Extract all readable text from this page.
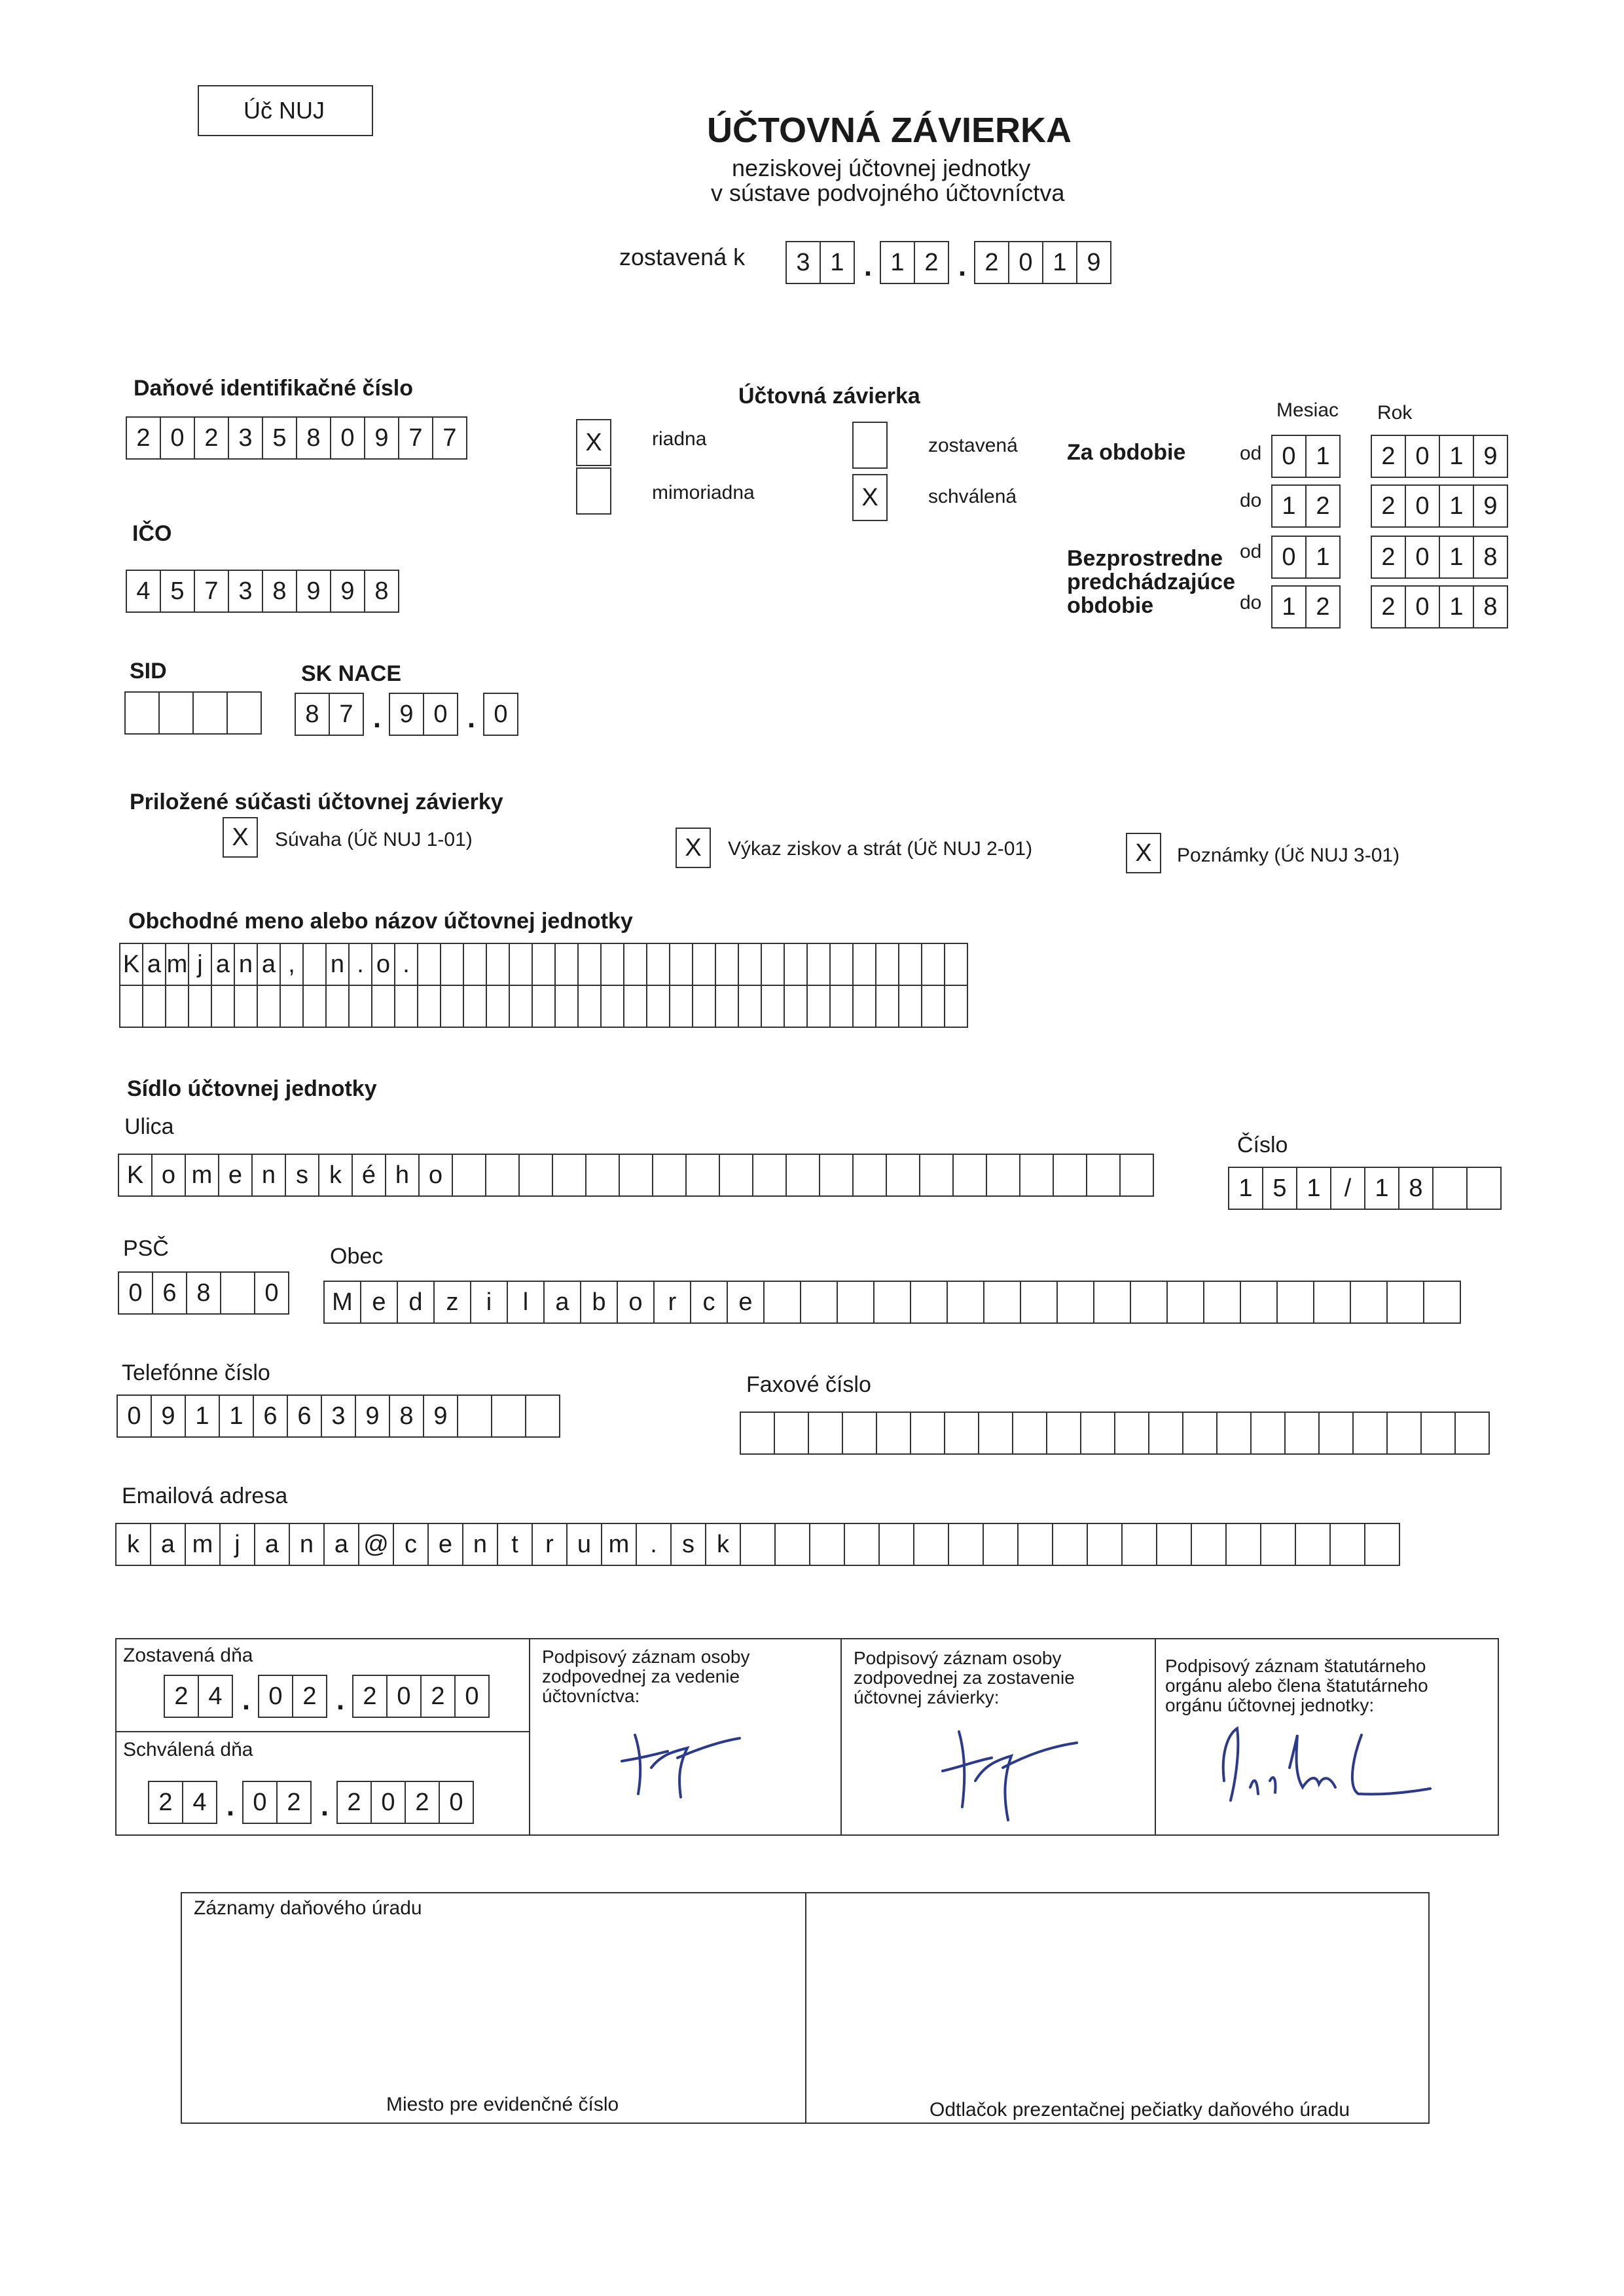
Úč NUJ
ÚČTOVNÁ ZÁVIERKA
neziskovej účtovnej jednotky
v sústave podvojného účtovníctva
zostavená k	3 1 . 1 2 . 2 0 1 9
Daňové identifikačné číslo
2 0 2 3 5 8 0 9 7 7
IČO
4 5 7 3 8 9 9 8
SID	SK NACE
8 7 . 9 0 . 0
Účtovná závierka
X	riadna
mimoriadna
zostavená
X	schválená
Mesiac Rok
Za obdobie
Bezprostredne
predchádzajúce
obdobie
od 0 1	2 0 1 9
do 1 2	2 0 1 9
od 0 1	2 0 1 8
do 1 2	2 0 1 8
Priložené súčasti účtovnej závierky
X	Súvaha (Úč NUJ 1-01)	X	Výkaz ziskov a strát (Úč NUJ 2-01)	X	Poznámky (Úč NUJ 3-01)
Obchodné meno alebo názov účtovnej jednotky
K a m j a n a ,	n . o .
Sídlo účtovnej jednotky
Ulica
K o m e n s k é h o
Číslo
1 5 1 / 1 8
PSČ
0 6 8	0
Obec
M e d z	i	l	a b o	r	c e
Telefónne číslo
0 9 1 1 6 6 3 9 8 9
Faxové číslo
Emailová adresa
k a m j	a n a @ c e n t	r u m .	s k
Zostavená dňa
2 4 . 0 2 . 2 0 2 0
Schválená dňa
2 4 . 0 2 . 2 0 2 0
Podpisový záznam osoby zodpovednej za vedenie účtovníctva:
Podpisový záznam osoby zodpovednej za zostavenie účtovnej závierky:
Podpisový záznam štatutárneho orgánu alebo člena štatutárneho orgánu účtovnej jednotky:
Záznamy daňového úradu
Miesto pre evidenčné číslo	Odtlačok prezentačnej pečiatky daňového úradu
